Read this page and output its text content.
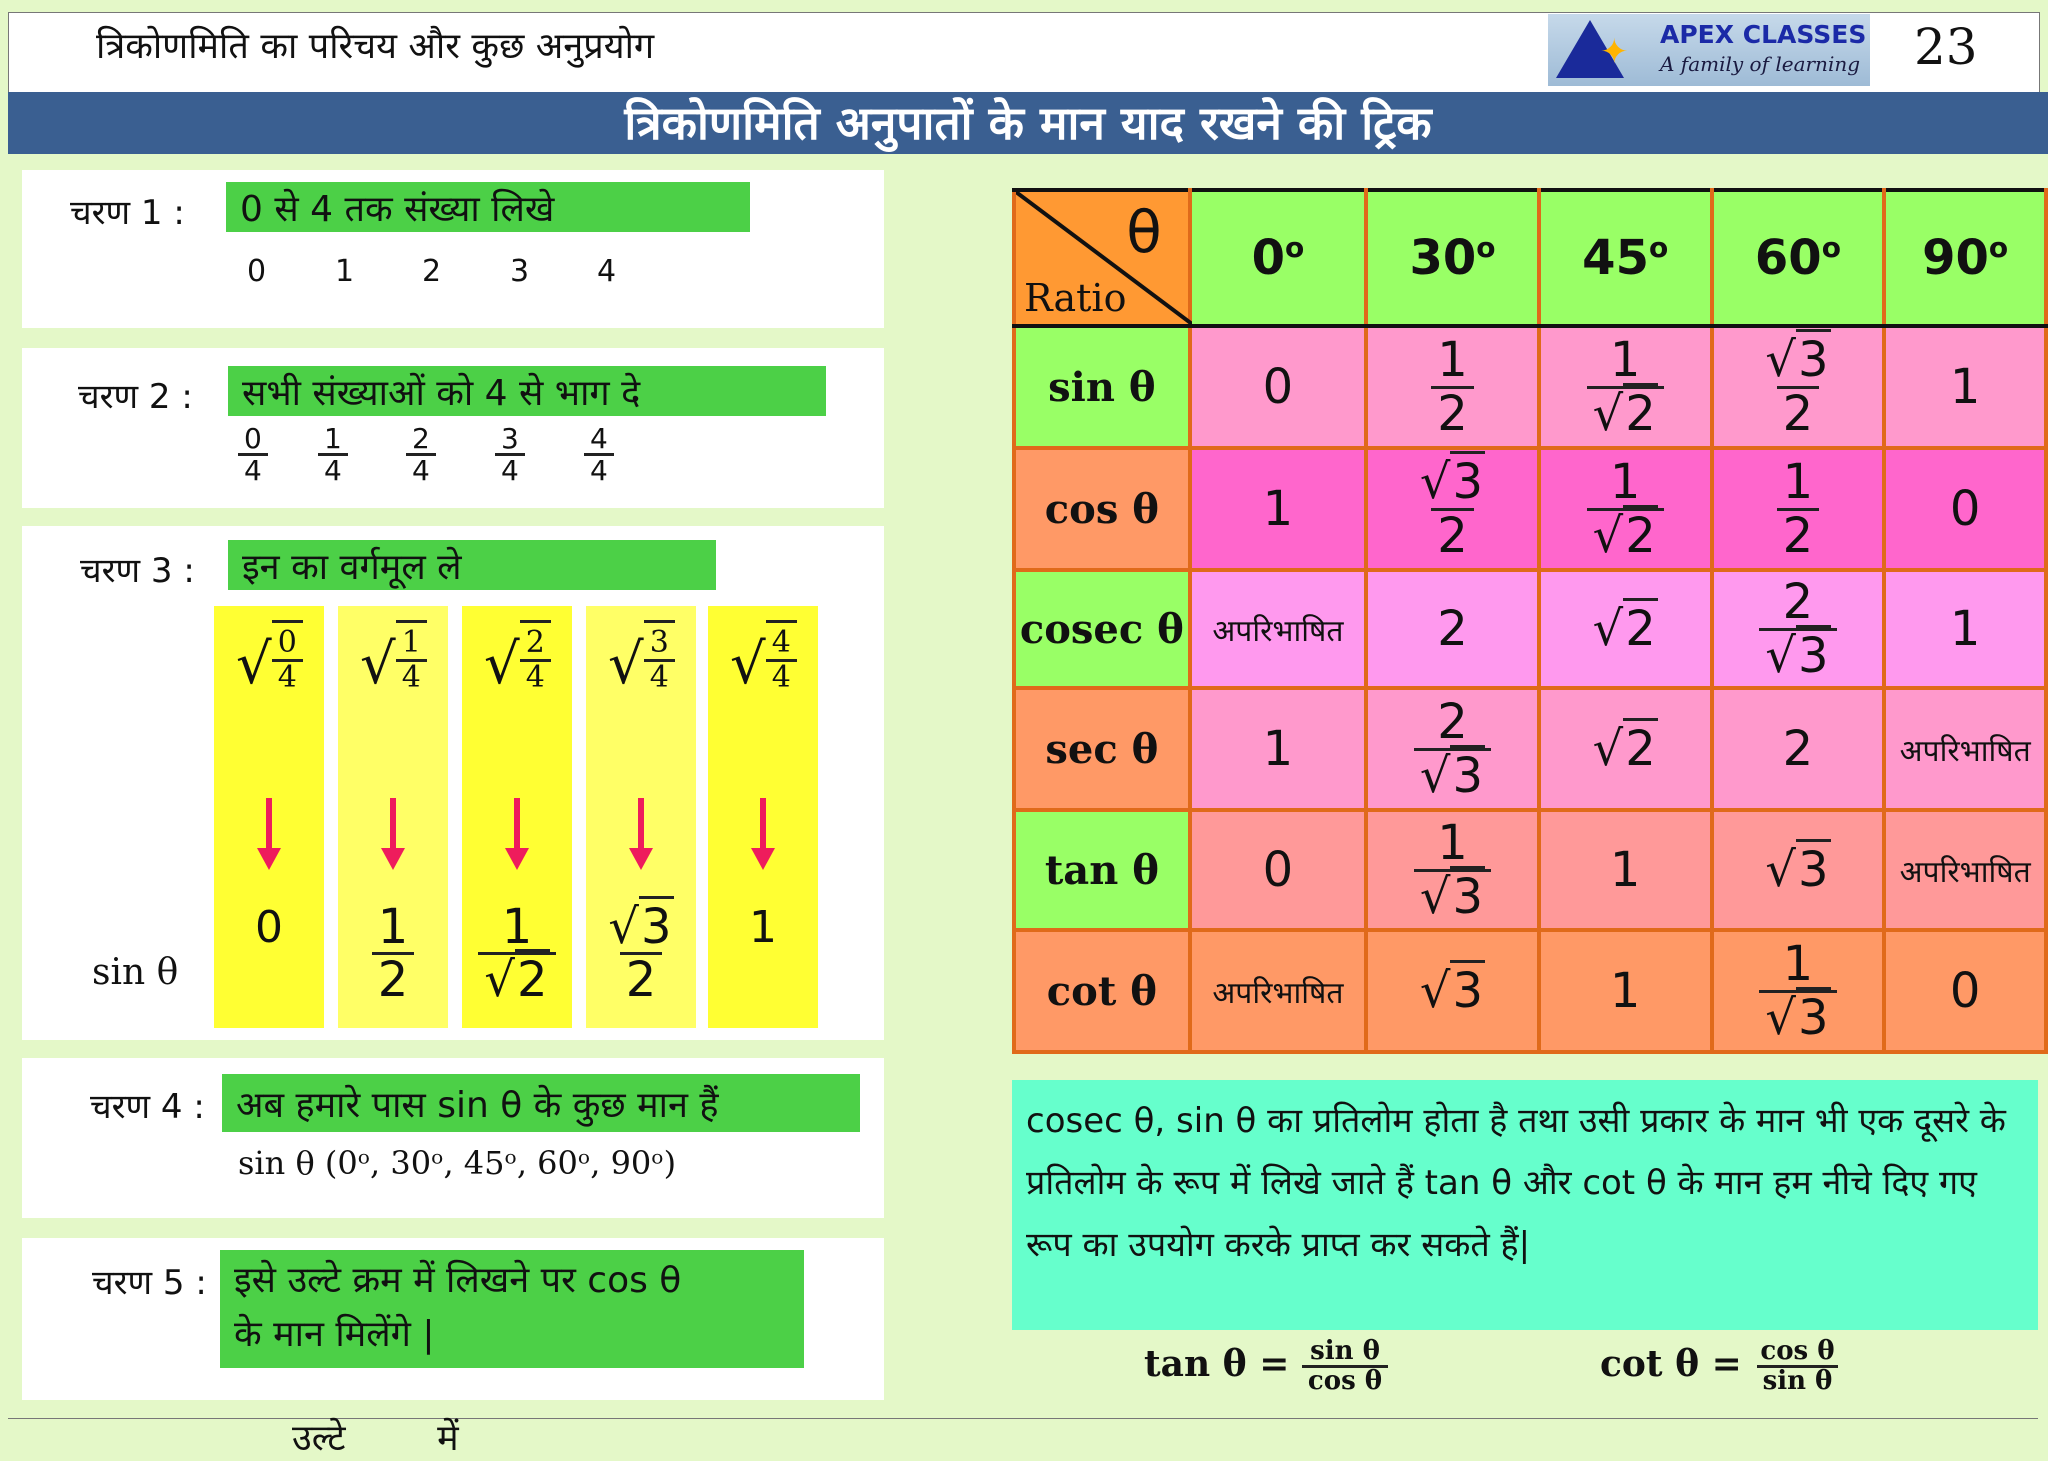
त्रिकोणमिति का परिचय और कुछ अनुप्रयोग	✦ APEX CLASSES
A family of learning 23
त्रिकोणमिति अनुपातों के मान याद रखने की ट्रिक
चरण 1 :	0 से 4 तक संख्या लिखे
0 1 2 3 4
चरण 2 :	सभी संख्याओं को 4 से भाग दे
$\frac{0}{4} \frac{1}{4} \frac{2}{4} \frac{3}{4} \frac{4}{4}$
चरण 3 :	इन का वर्गमूल ले
sin θ
√ $\frac{0}{4}$
0
√ $\frac{1}{4}$
$\frac{1}{2}$
√ $\frac{2}{4}$
$\frac{1}{√2}$
√ $\frac{3}{4}$
$\frac{√3}{2}$
√ $\frac{4}{4}$
1
चरण 4 : अब हमारे पास sin θ के कुछ मान हैं
sin θ (0ᵒ, 30ᵒ, 45ᵒ, 60ᵒ, 90ᵒ)
चरण 5 : इसे उल्टे क्रम में लिखने पर cos θ
के मान मिलेंगे |
उल्टे        में
θ
Ratio	0$^o$	30$^o$	45$^o$	60$^o$	90$^o$
sin θ	0	$\frac{1}{2}$	$\frac{1}{√2}$	$\frac{√3}{2}$	1
cos θ	1	$\frac{√3}{2}$	$\frac{1}{√2}$	$\frac{1}{2}$	0
cosec θ	अपरिभाषित	2	√2	$\frac{2}{√3}$	1
sec θ	1	$\frac{2}{√3}$	√2	2	अपरिभाषित
tan θ	0	$\frac{1}{√3}$	1	√3	अपरिभाषित
cot θ	अपरिभाषित	√3	1	$\frac{1}{√3}$	0
cosec θ, sin θ का प्रतिलोम होता है तथा उसी प्रकार के मान भी एक दूसरे के प्रतिलोम के रूप में लिखे जाते हैं tan θ और cot θ के मान हम नीचे दिए गए रूप का उपयोग करके प्राप्त कर सकते हैं|
$\tan \theta = \frac{\text{sin θ}}{\text{cos θ}}$	$\cot \theta = \frac{\text{cos θ}}{\text{sin θ}}$
